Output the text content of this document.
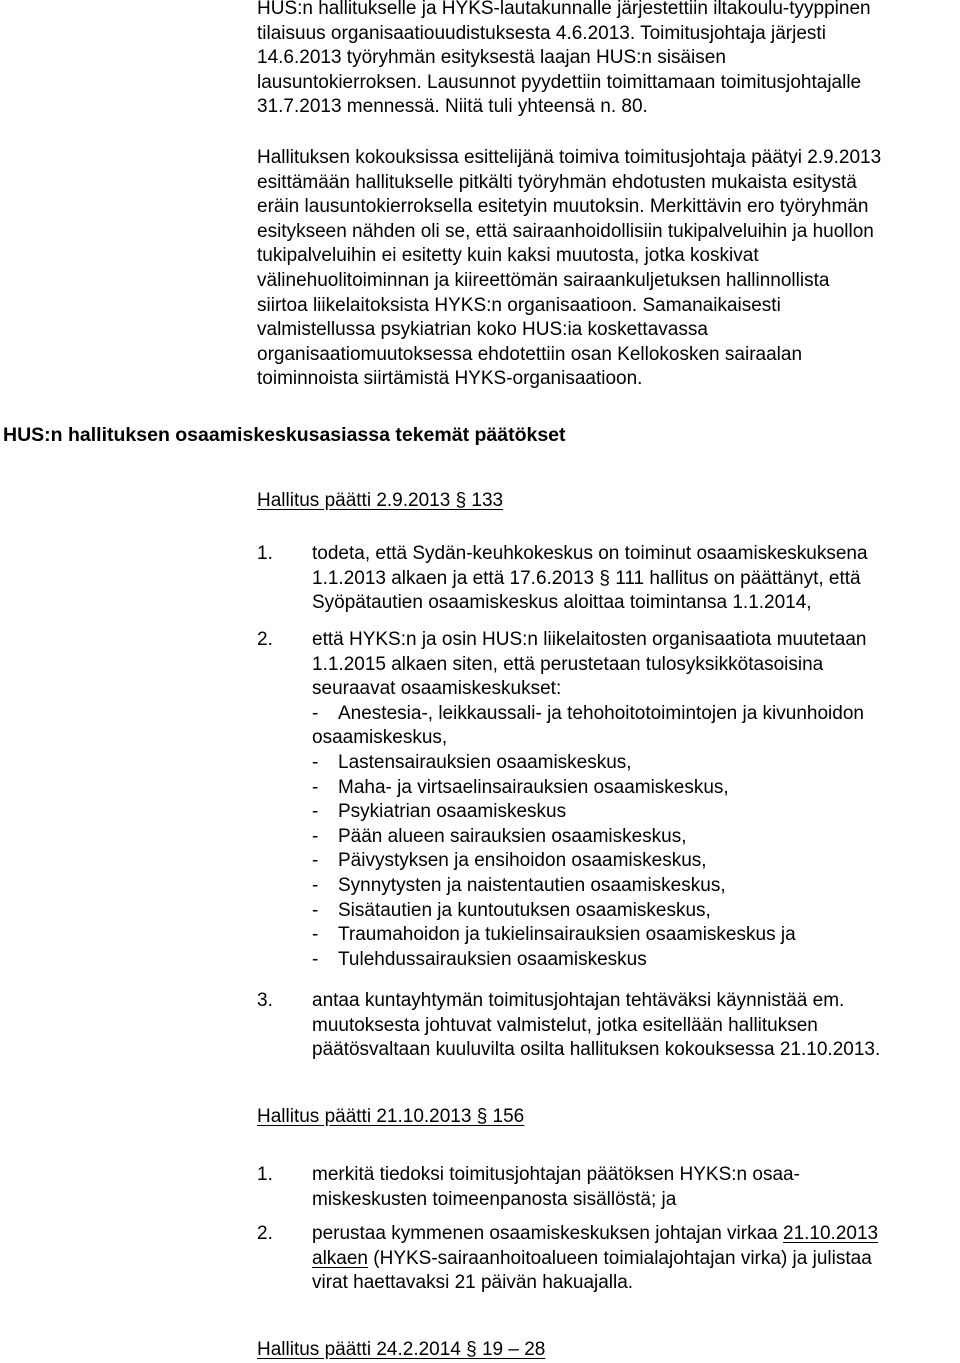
HUS:n hallitukselle ja HYKS-lautakunnalle järjestettiin iltakoulu-tyyppinen
tilaisuus organisaatiouudistuksesta 4.6.2013. Toimitusjohtaja järjesti
14.6.2013 työryhmän esityksestä laajan HUS:n sisäisen
lausuntokierroksen. Lausunnot pyydettiin toimittamaan toimitusjohtajalle
31.7.2013 mennessä. Niitä tuli yhteensä n. 80.
Hallituksen kokouksissa esittelijänä toimiva toimitusjohtaja päätyi 2.9.2013
esittämään hallitukselle pitkälti työryhmän ehdotusten mukaista esitystä
eräin lausuntokierroksella esitetyin muutoksin. Merkittävin ero työryhmän
esitykseen nähden oli se, että sairaanhoidollisiin tukipalveluihin ja huollon
tukipalveluihin ei esitetty kuin kaksi muutosta, jotka koskivat
välinehuolitoiminnan ja kiireettömän sairaankuljetuksen hallinnollista
siirtoa liikelaitoksista HYKS:n organisaatioon. Samanaikaisesti
valmistellussa psykiatrian koko HUS:ia koskettavassa
organisaatiomuutoksessa ehdotettiin osan Kellokosken sairaalan
toiminnoista siirtämistä HYKS-organisaatioon.
HUS:n hallituksen osaamiskeskusasiassa tekemät päätökset
Hallitus päätti 2.9.2013 § 133
1.	todeta, että Sydän-keuhkokeskus on toiminut osaamiskeskuksena
1.1.2013 alkaen ja että 17.6.2013 § 111 hallitus on päättänyt, että
Syöpätautien osaamiskeskus aloittaa toimintansa 1.1.2014,
2.	että HYKS:n ja osin HUS:n liikelaitosten organisaatiota muutetaan
1.1.2015 alkaen siten, että perustetaan tulosyksikkötasoisina
seuraavat osaamiskeskukset:
- Anestesia-, leikkaussali- ja tehohoitotoimintojen ja kivunhoidon
osaamiskeskus,
- Lastensairauksien osaamiskeskus,
- Maha- ja virtsaelinsairauksien osaamiskeskus,
- Psykiatrian osaamiskeskus
- Pään alueen sairauksien osaamiskeskus,
- Päivystyksen ja ensihoidon osaamiskeskus,
- Synnytysten ja naistentautien osaamiskeskus,
- Sisätautien ja kuntoutuksen osaamiskeskus,
- Traumahoidon ja tukielinsairauksien osaamiskeskus ja
- Tulehdussairauksien osaamiskeskus
3.	antaa kuntayhtymän toimitusjohtajan tehtäväksi käynnistää em.
muutoksesta johtuvat valmistelut, jotka esitellään hallituksen
päätösvaltaan kuuluvilta osilta hallituksen kokouksessa 21.10.2013.
Hallitus päätti 21.10.2013 § 156
1.	merkitä tiedoksi toimitusjohtajan päätöksen HYKS:n osaa-
miskeskusten toimeenpanosta sisällöstä; ja
2.	perustaa kymmenen osaamiskeskuksen johtajan virkaa 21.10.2013
alkaen (HYKS-sairaanhoitoalueen toimialajohtajan virka) ja julistaa
virat haettavaksi 21 päivän hakuajalla.
Hallitus päätti 24.2.2014 § 19 – 28
